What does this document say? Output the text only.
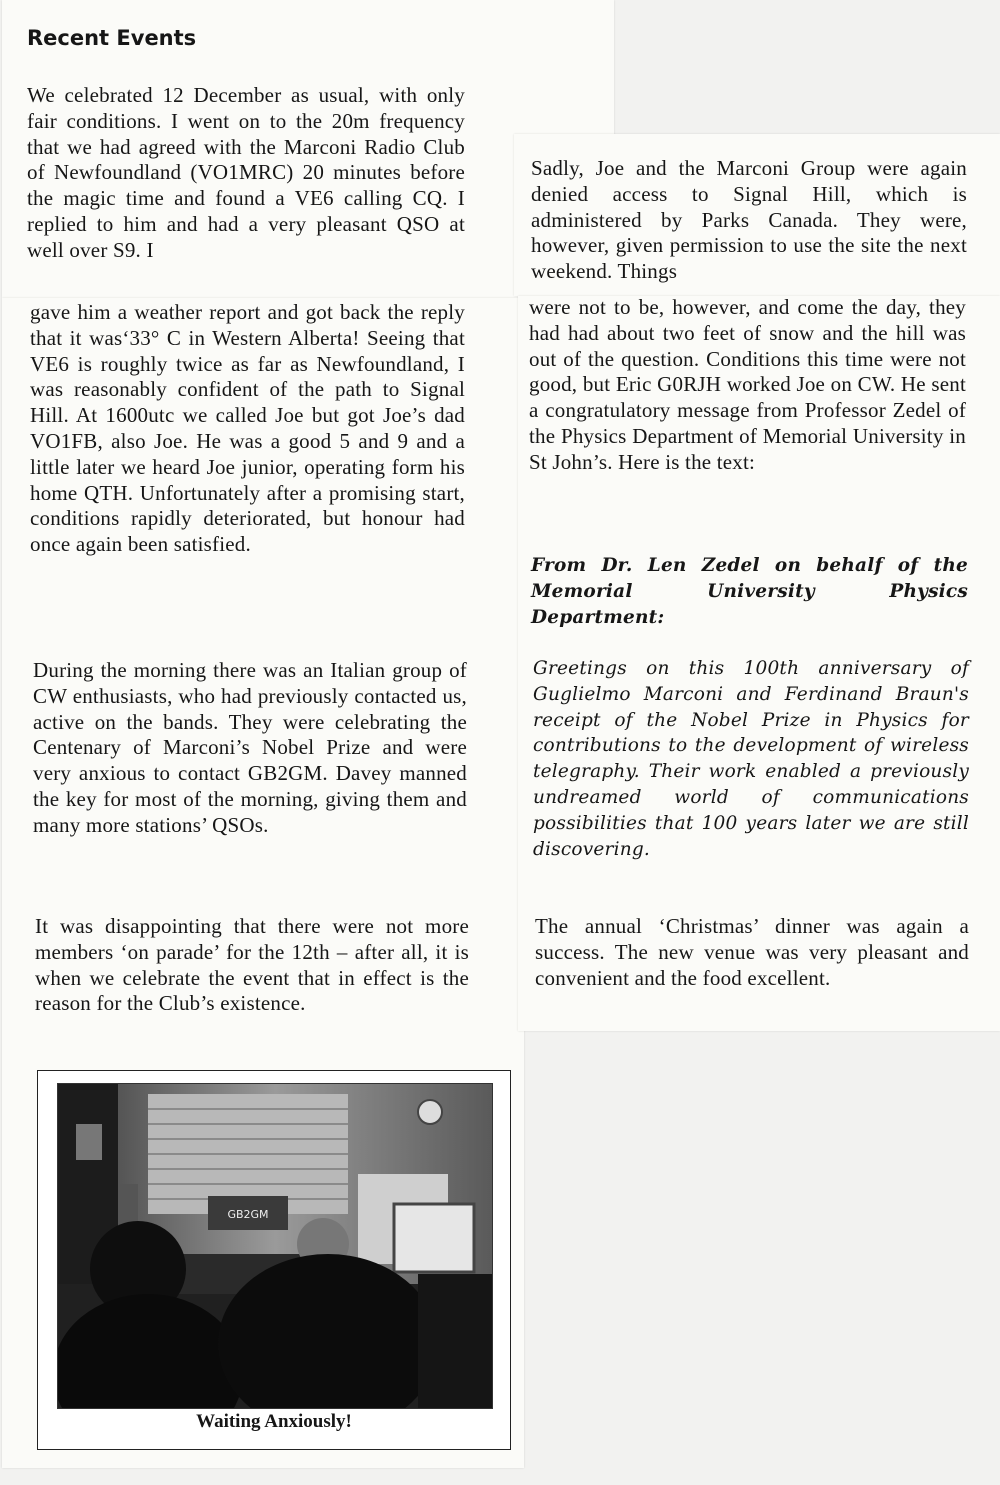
Recent Events

We celebrated 12 December as usual, with only fair conditions. I went on to the 20m frequency that we had agreed with the Marconi Radio Club of Newfoundland (VO1MRC) 20 minutes before the magic time and found a VE6 calling CQ. I replied to him and had a very pleasant QSO at well over S9. I

gave him a weather report and got back the reply that it was‘33° C in Western Alberta! Seeing that VE6 is roughly twice as far as Newfoundland, I was reasonably confident of the path to Signal Hill. At 1600utc we called Joe but got Joe’s dad VO1FB, also Joe. He was a good 5 and 9 and a little later we heard Joe junior, operating form his home QTH. Unfortunately after a promising start, conditions rapidly deteriorated, but honour had once again been satisfied.

During the morning there was an Italian group of CW enthusiasts, who had previously contacted us, active on the bands. They were celebrating the Centenary of Marconi’s Nobel Prize and were very anxious to contact GB2GM. Davey manned the key for most of the morning, giving them and many more stations’ QSOs.

It was disappointing that there were not more members ‘on parade’ for the 12th – after all, it is when we celebrate the event that in effect is the reason for the Club’s existence.

Sadly, Joe and the Marconi Group were again denied access to Signal Hill, which is administered by Parks Canada. They were, however, given permission to use the site the next weekend. Things

were not to be, however, and come the day, they had had about two feet of snow and the hill was out of the question. Conditions this time were not good, but Eric G0RJH worked Joe on CW. He sent a congratulatory message from Professor Zedel of the Physics Department of Memorial University in St John’s. Here is the text:

From Dr. Len Zedel on behalf of the Memorial University Physics Department:

Greetings on this 100th anniversary of Guglielmo Marconi and Ferdinand Braun's receipt of the Nobel Prize in Physics for contributions to the development of wireless telegraphy. Their work enabled a previously undreamed world of communications possibilities that 100 years later we are still discovering.

The annual ‘Christmas’ dinner was again a success. The new venue was very pleasant and convenient and the food excellent.

GB2GM
Waiting Anxiously!
